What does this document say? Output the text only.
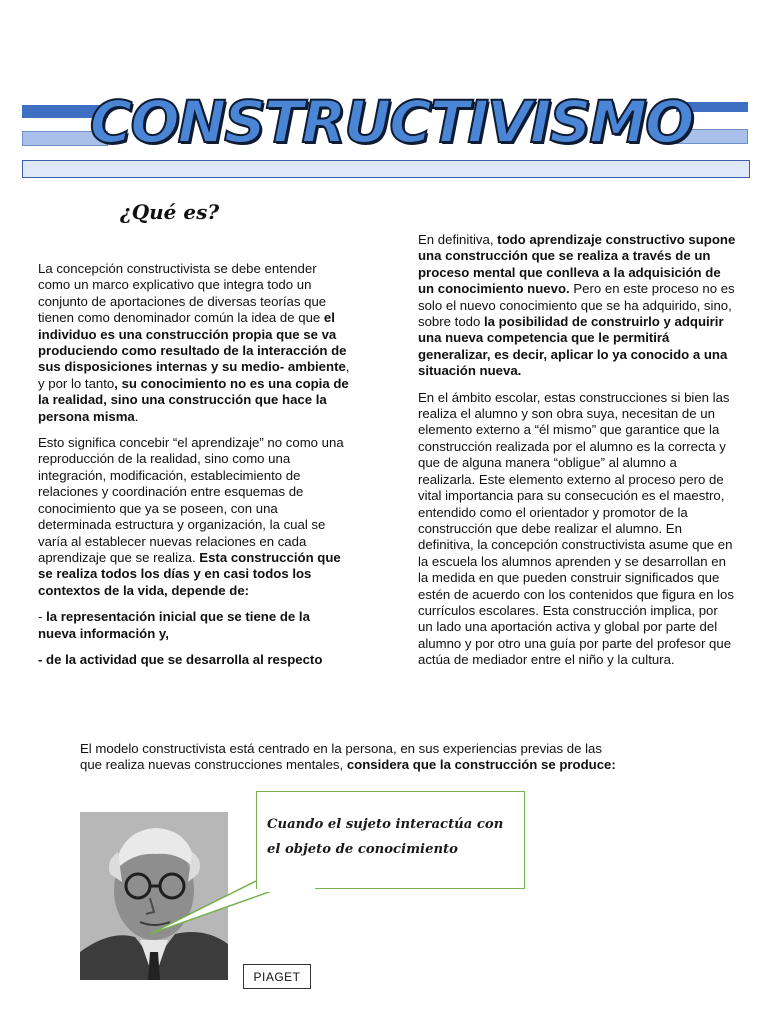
CONSTRUCTIVISMO
¿Qué es?

La concepción constructivista se debe entender como un marco explicativo que integra todo un conjunto de aportaciones de diversas teorías que tienen como denominador común la idea de que el individuo es una construcción propia que se va produciendo como resultado de la interacción de sus disposiciones internas y su medio- ambiente, y por lo tanto, su conocimiento no es una copia de la realidad, sino una construcción que hace la persona misma.

Esto significa concebir “el aprendizaje” no como una reproducción de la realidad, sino como una integración, modificación, establecimiento de relaciones y coordinación entre esquemas de conocimiento que ya se poseen, con una determinada estructura y organización, la cual se varía al establecer nuevas relaciones en cada aprendizaje que se realiza. Esta construcción que se realiza todos los días y en casi todos los contextos de la vida, depende de:

- la representación inicial que se tiene de la nueva información y,

- de la actividad que se desarrolla al respecto

En definitiva, todo aprendizaje constructivo supone una construcción que se realiza a través de un proceso mental que conlleva a la adquisición de un conocimiento nuevo. Pero en este proceso no es solo el nuevo conocimiento que se ha adquirido, sino, sobre todo la posibilidad de construirlo y adquirir una nueva competencia que le permitirá generalizar, es decir, aplicar lo ya conocido a una situación nueva.

En el ámbito escolar, estas construcciones si bien las realiza el alumno y son obra suya, necesitan de un elemento externo a “él mismo” que garantice que la construcción realizada por el alumno es la correcta y que de alguna manera “obligue” al alumno a realizarla. Este elemento externo al proceso pero de vital importancia para su consecución es el maestro, entendido como el orientador y promotor de la construcción que debe realizar el alumno. En definitiva, la concepción constructivista asume que en la escuela los alumnos aprenden y se desarrollan en la medida en que pueden construir significados que estén de acuerdo con los contenidos que figura en los currículos escolares. Esta construcción implica, por un lado una aportación activa y global por parte del alumno y por otro una guía por parte del profesor que actúa de mediador entre el niño y la cultura.

El modelo constructivista está centrado en la persona, en sus experiencias previas de las
que realiza nuevas construcciones mentales, considera que la construcción se produce:
Cuando el sujeto interactúa con
el objeto de conocimiento
PIAGET
